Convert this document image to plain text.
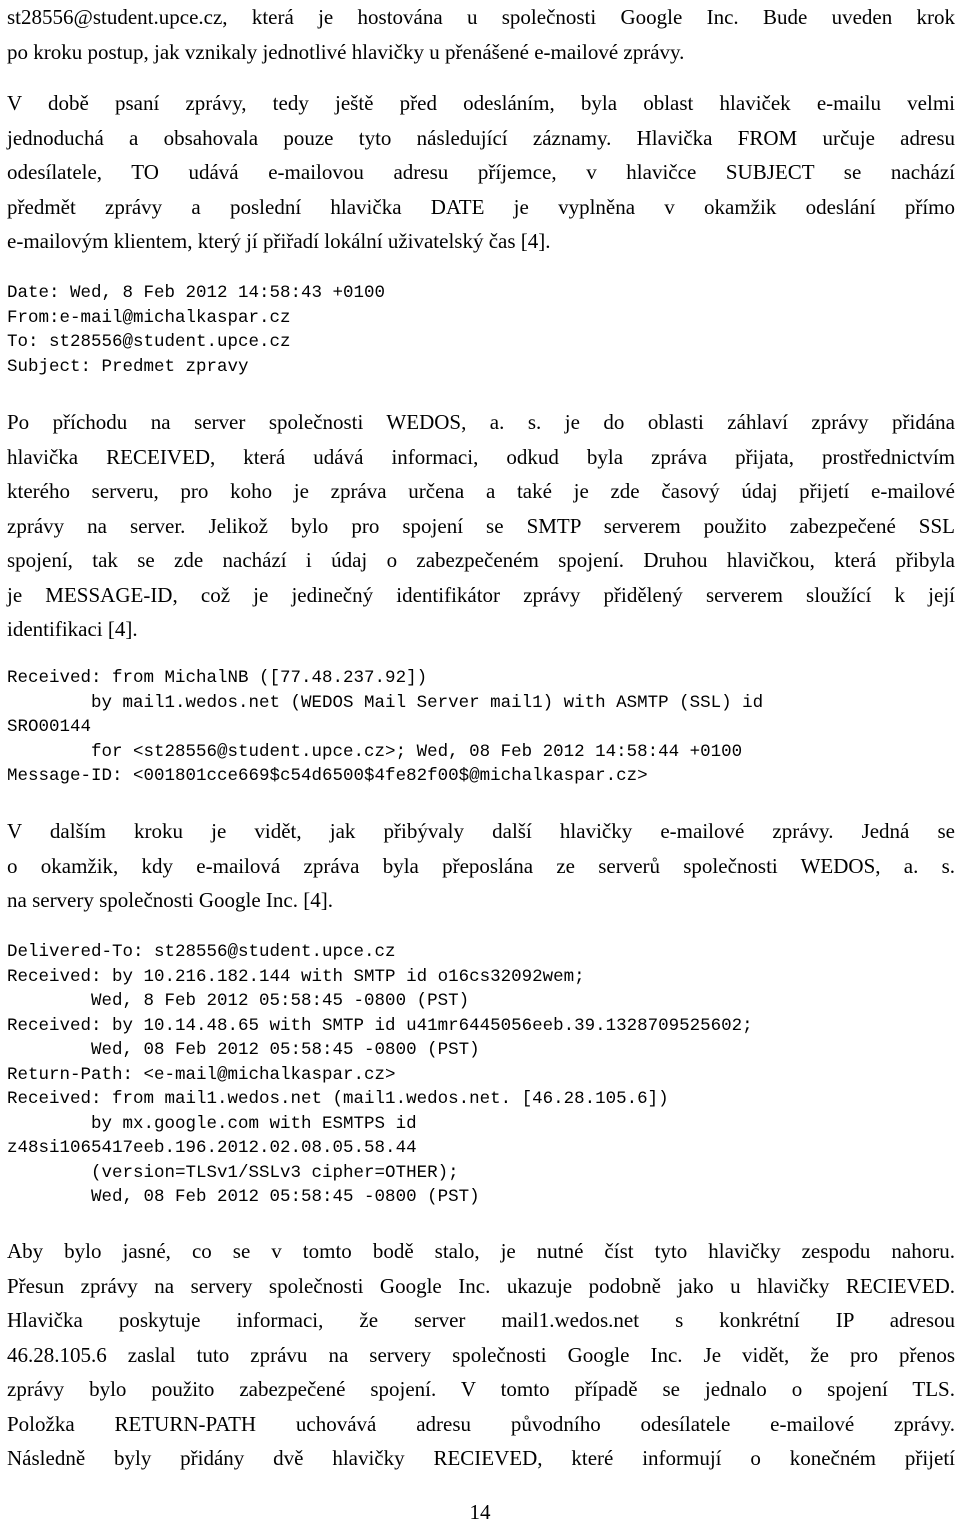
st28556@student.upce.cz, která je hostována u společnosti Google Inc. Bude uveden krok
po kroku postup, jak vznikaly jednotlivé hlavičky u přenášené e-mailové zprávy.
V době psaní zprávy, tedy ještě před odesláním, byla oblast hlaviček e-mailu velmi
jednoduchá a obsahovala pouze tyto následující záznamy. Hlavička FROM určuje adresu
odesílatele, TO udává e-mailovou adresu příjemce, v hlavičce SUBJECT se nachází
předmět zprávy a poslední hlavička DATE je vyplněna v okamžik odeslání přímo
e-mailovým klientem, který jí přiřadí lokální uživatelský čas [4].
Date: Wed, 8 Feb 2012 14:58:43 +0100
From:e-mail@michalkaspar.cz
To: st28556@student.upce.cz
Subject: Predmet zpravy
Po příchodu na server společnosti WEDOS, a. s. je do oblasti záhlaví zprávy přidána
hlavička RECEIVED, která udává informaci, odkud byla zpráva přijata, prostřednictvím
kterého serveru, pro koho je zpráva určena a také je zde časový údaj přijetí e-mailové
zprávy na server. Jelikož bylo pro spojení se SMTP serverem použito zabezpečené SSL
spojení, tak se zde nachází i údaj o zabezpečeném spojení. Druhou hlavičkou, která přibyla
je MESSAGE-ID, což je jedinečný identifikátor zprávy přidělený serverem sloužící k její
identifikaci [4].
Received: from MichalNB ([77.48.237.92])
by mail1.wedos.net (WEDOS Mail Server mail1) with ASMTP (SSL) id
SRO00144
for <st28556@student.upce.cz>; Wed, 08 Feb 2012 14:58:44 +0100
Message-ID: <001801cce669$c54d6500$4fe82f00$@michalkaspar.cz>
V dalším kroku je vidět, jak přibývaly další hlavičky e-mailové zprávy. Jedná se
o okamžik, kdy e-mailová zpráva byla přeposlána ze serverů společnosti WEDOS, a. s.
na servery společnosti Google Inc. [4].
Delivered-To: st28556@student.upce.cz
Received: by 10.216.182.144 with SMTP id o16cs32092wem;
Wed, 8 Feb 2012 05:58:45 -0800 (PST)
Received: by 10.14.48.65 with SMTP id u41mr6445056eeb.39.1328709525602;
Wed, 08 Feb 2012 05:58:45 -0800 (PST)
Return-Path: <e-mail@michalkaspar.cz>
Received: from mail1.wedos.net (mail1.wedos.net. [46.28.105.6])
by mx.google.com with ESMTPS id
z48si1065417eeb.196.2012.02.08.05.58.44
(version=TLSv1/SSLv3 cipher=OTHER);
Wed, 08 Feb 2012 05:58:45 -0800 (PST)
Aby bylo jasné, co se v tomto bodě stalo, je nutné číst tyto hlavičky zespodu nahoru.
Přesun zprávy na servery společnosti Google Inc. ukazuje podobně jako u hlavičky RECIEVED.
Hlavička poskytuje informaci, že server mail1.wedos.net s konkrétní IP adresou
46.28.105.6 zaslal tuto zprávu na servery společnosti Google Inc. Je vidět, že pro přenos
zprávy bylo použito zabezpečené spojení. V tomto případě se jednalo o spojení TLS.
Položka RETURN-PATH uchovává adresu původního odesílatele e-mailové zprávy.
Následně byly přidány dvě hlavičky RECIEVED, které informují o konečném přijetí
14
